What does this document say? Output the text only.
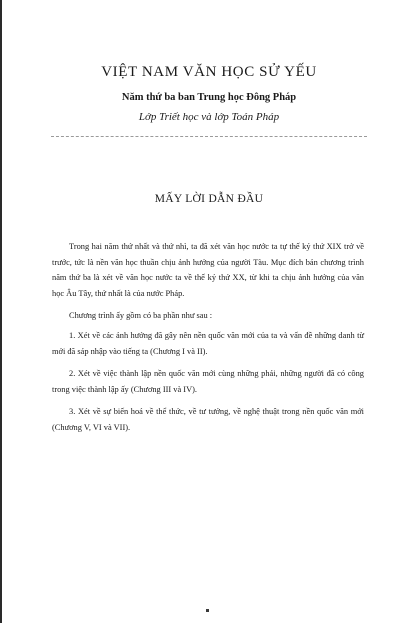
VIỆT NAM VĂN HỌC SỬ YẾU
Năm thứ ba ban Trung học Đông Pháp
Lớp Triết học và lớp Toán Pháp
MẤY LỜI DẪN ĐẦU

Trong hai năm thứ nhất và thứ nhì, ta đã xét văn học nước ta tự thế kỷ thứ XIX trở về trước, tức là nền văn học thuần chịu ảnh hưởng của người Tàu. Mục đích bản chương trình năm thứ ba là xét về văn học nước ta về thế kỷ thứ XX, từ khi ta chịu ảnh hưởng của văn học Âu Tây, thứ nhất là của nước Pháp.

Chương trình ấy gồm có ba phần như sau :

1. Xét về các ảnh hưởng đã gây nên nền quốc văn mới của ta và vấn đề những danh từ mới đã sáp nhập vào tiếng ta (Chương I và II).

2. Xét về việc thành lập nền quốc văn mới cùng những phái, những người đã có công trong việc thành lập ấy (Chương III và IV).

3. Xét về sự biến hoá về thể thức, về tư tưởng, về nghệ thuật trong nền quốc văn mới (Chương V, VI và VII).
